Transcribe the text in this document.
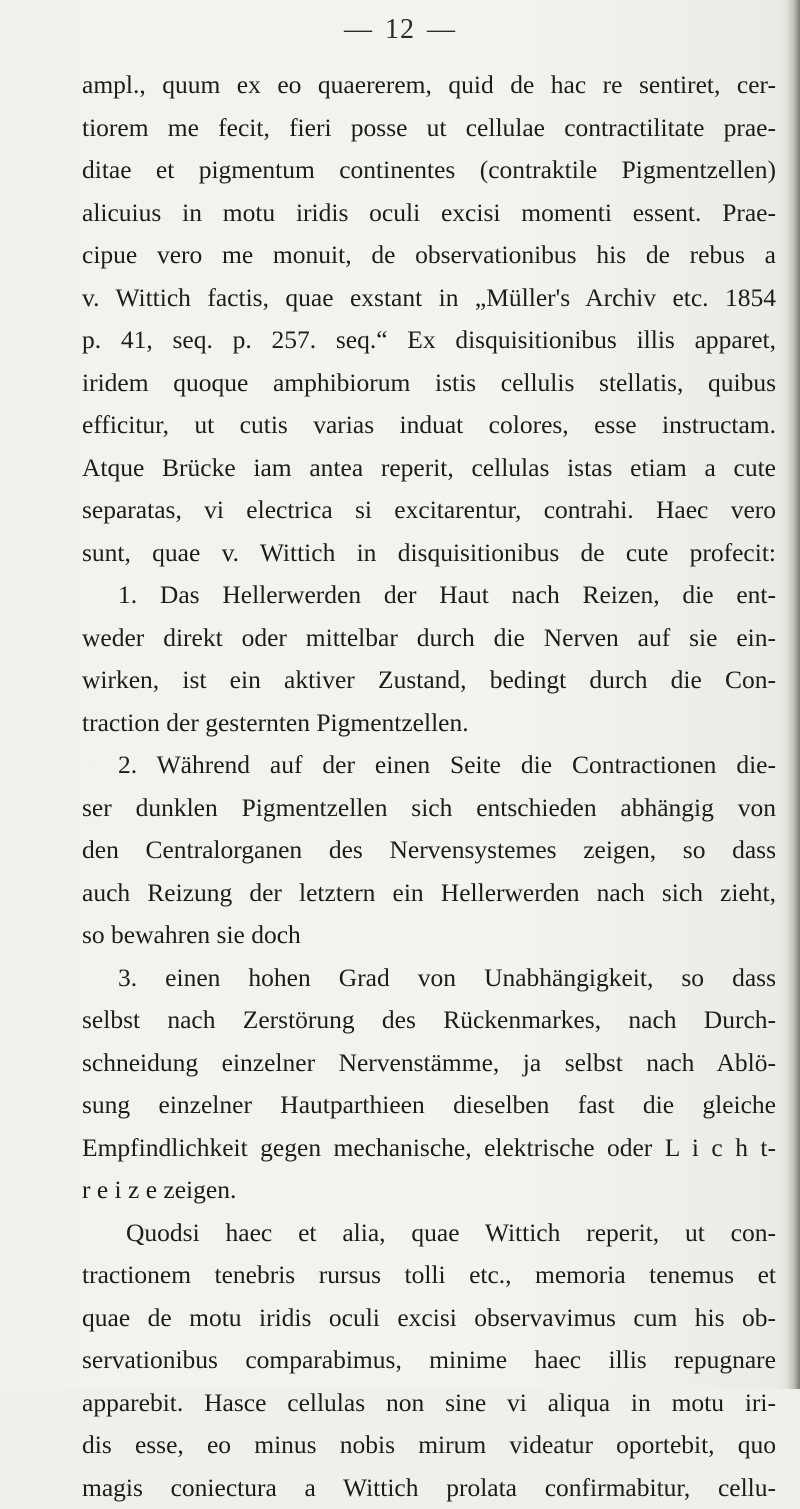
— 12 —
ampl., quum ex eo quaererem, quid de hac re sentiret, cer-
tiorem me fecit, fieri posse ut cellulae contractilitate prae-
ditae et pigmentum continentes (contraktile Pigmentzellen)
alicuius in motu iridis oculi excisi momenti essent. Prae-
cipue vero me monuit, de observationibus his de rebus a
v. Wittich factis, quae exstant in „Müller's Archiv etc. 1854
p. 41, seq. p. 257. seq.“ Ex disquisitionibus illis apparet,
iridem quoque amphibiorum istis cellulis stellatis, quibus
efficitur, ut cutis varias induat colores, esse instructam.
Atque Brücke iam antea reperit, cellulas istas etiam a cute
separatas, vi electrica si excitarentur, contrahi. Haec vero
sunt, quae v. Wittich in disquisitionibus de cute profecit:
1. Das Hellerwerden der Haut nach Reizen, die ent-
weder direkt oder mittelbar durch die Nerven auf sie ein-
wirken, ist ein aktiver Zustand, bedingt durch die Con-
traction der gesternten Pigmentzellen.
2. Während auf der einen Seite die Contractionen die-
ser dunklen Pigmentzellen sich entschieden abhängig von
den Centralorganen des Nervensystemes zeigen, so dass
auch Reizung der letztern ein Hellerwerden nach sich zieht,
so bewahren sie doch
3. einen hohen Grad von Unabhängigkeit, so dass
selbst nach Zerstörung des Rückenmarkes, nach Durch-
schneidung einzelner Nervenstämme, ja selbst nach Ablö-
sung einzelner Hautparthieen dieselben fast die gleiche
Empfindlichkeit gegen mechanische, elektrische oder L i c h t-
r e i z e zeigen.
Quodsi haec et alia, quae Wittich reperit, ut con-
tractionem tenebris rursus tolli etc., memoria tenemus et
quae de motu iridis oculi excisi observavimus cum his ob-
servationibus comparabimus, minime haec illis repugnare
apparebit. Hasce cellulas non sine vi aliqua in motu iri-
dis esse, eo minus nobis mirum videatur oportebit, quo
magis coniectura a Wittich prolata confirmabitur, cellu-
